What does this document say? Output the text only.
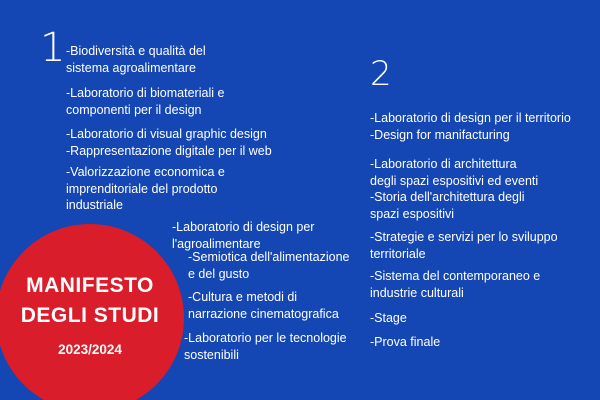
1
2

-Biodiversità e qualità del
sistema agroalimentare

-Laboratorio di biomateriali e
componenti per il design

-Laboratorio di visual graphic design
-Rappresentazione digitale per il web

-Valorizzazione economica e
imprenditoriale del prodotto
industriale

-Laboratorio di design per
l'agroalimentare

-Semiotica dell'alimentazione
e del gusto

-Cultura e metodi di
narrazione cinematografica

-Laboratorio per le tecnologie
sostenibili

-Laboratorio di design per il territorio
-Design for manifacturing

-Laboratorio di architettura
degli spazi espositivi ed eventi
-Storia dell'architettura degli
spazi espositivi

-Strategie e servizi per lo sviluppo
territoriale

-Sistema del contemporaneo e
industrie culturali

-Stage

-Prova finale

MANIFESTO
DEGLI STUDI
2023/2024
